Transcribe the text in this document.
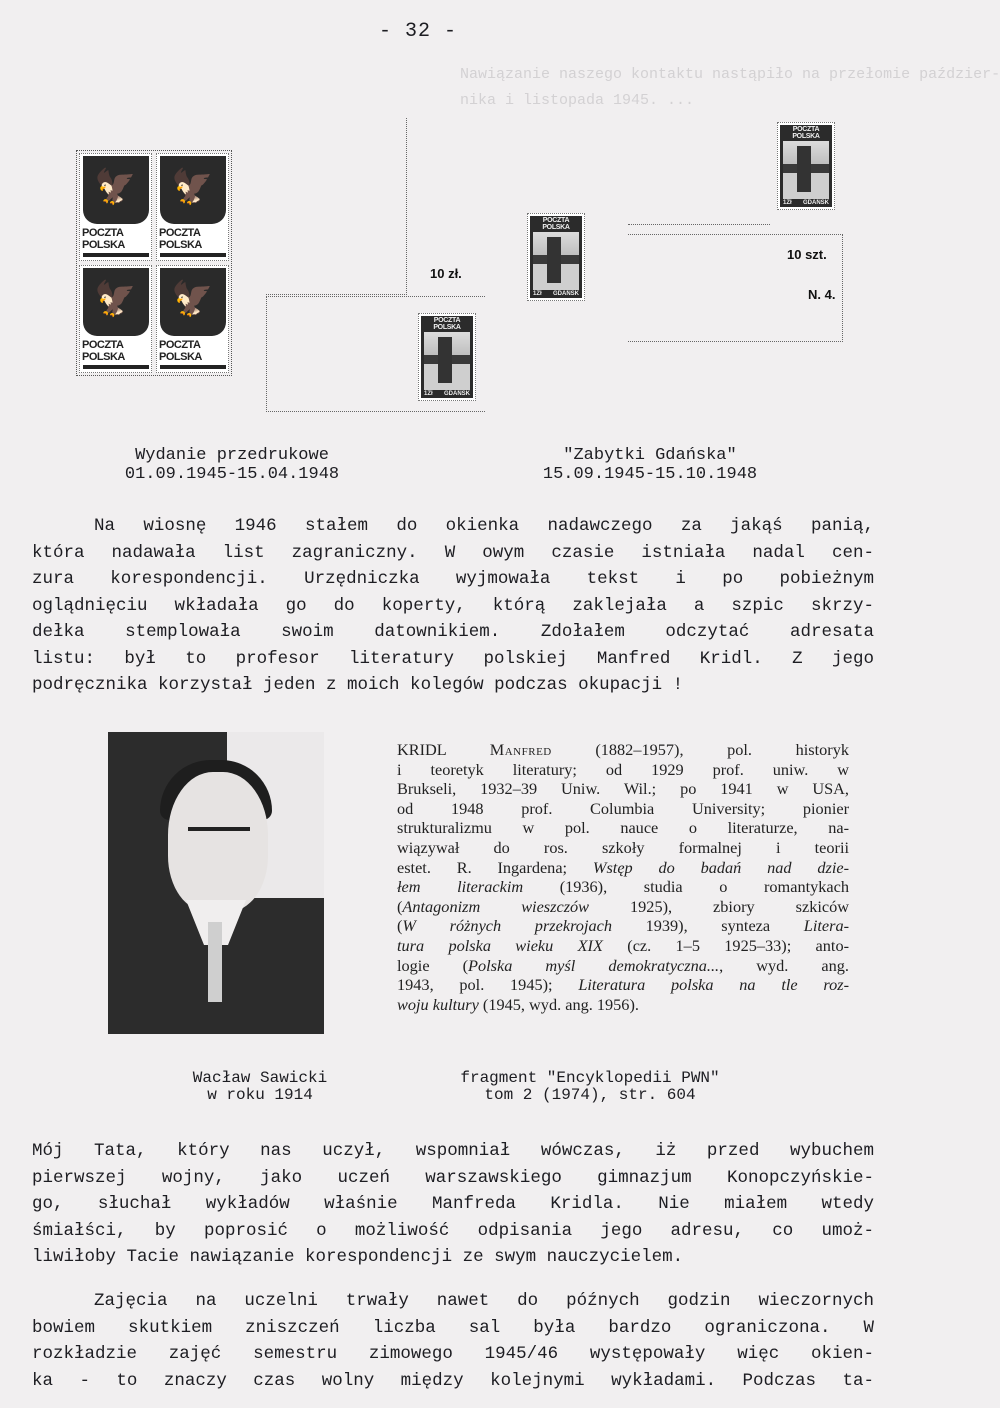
- 32 -
Nawiązanie naszego kontaktu nastąpiło na przełomie paździer-
nika i listopada 1945. ...
🦅
POCZTA POLSKA
🦅
POCZTA POLSKA
🦅
POCZTA POLSKA
🦅
POCZTA POLSKA
10 zł.
10 szt.
N. 4.
POCZTA POLSKA
1Zł GDAŃSK
POCZTA POLSKA
1Zł GDAŃSK
POCZTA POLSKA
1Zł GDAŃSK
Wydanie przedrukowe
01.09.1945-15.04.1948
"Zabytki Gdańska"
15.09.1945-15.10.1948
Na wiosnę 1946 stałem do okienka nadawczego za jakąś panią,
która nadawała list zagraniczny. W owym czasie istniała nadal cen-
zura korespondencji. Urzędniczka wyjmowała tekst i po pobieżnym
oglądnięciu wkładała go do koperty, którą zaklejała a szpic skrzy-
dełka stemplowała swoim datownikiem. Zdołałem odczytać adresata
listu: był to profesor literatury polskiej Manfred Kridl. Z jego
podręcznika korzystał jeden z moich kolegów podczas okupacji !
KRIDL	Manfred (1882–1957), pol. historyk
i teoretyk literatury; od 1929 prof. uniw. w
Brukseli, 1932–39 Uniw. Wil.; po 1941 w USA,
od 1948 prof. Columbia University; pionier
strukturalizmu w pol. nauce o literaturze, na-
wiązywał do ros. szkoły formalnej i teorii
estet. R. Ingardena; Wstęp do badań nad dzie-
łem literackim (1936), studia o romantykach
(Antagonizm wieszczów 1925), zbiory szkiców
(W różnych przekrojach 1939), synteza Litera-
tura polska wieku XIX (cz. 1–5 1925–33); anto-
logie (Polska myśl demokratyczna..., wyd. ang.
1943, pol. 1945); Literatura polska na tle roz-
woju kultury (1945, wyd. ang. 1956).
Wacław Sawicki
w roku 1914
fragment "Encyklopedii PWN"
tom 2 (1974), str. 604
Mój Tata, który nas uczył, wspomniał wówczas, iż przed wybuchem
pierwszej wojny, jako uczeń warszawskiego gimnazjum Konopczyńskie-
go, słuchał wykładów właśnie Manfreda Kridla. Nie miałem wtedy
śmiałści, by poprosić o możliwość odpisania jego adresu, co umoż-
liwiłoby Tacie nawiązanie korespondencji ze swym nauczycielem.
Zajęcia na uczelni trwały nawet do późnych godzin wieczornych
bowiem skutkiem zniszczeń liczba sal była bardzo ograniczona. W
rozkładzie zajęć semestru zimowego 1945/46 występowały więc okien-
ka - to znaczy czas wolny między kolejnymi wykładami. Podczas ta-
